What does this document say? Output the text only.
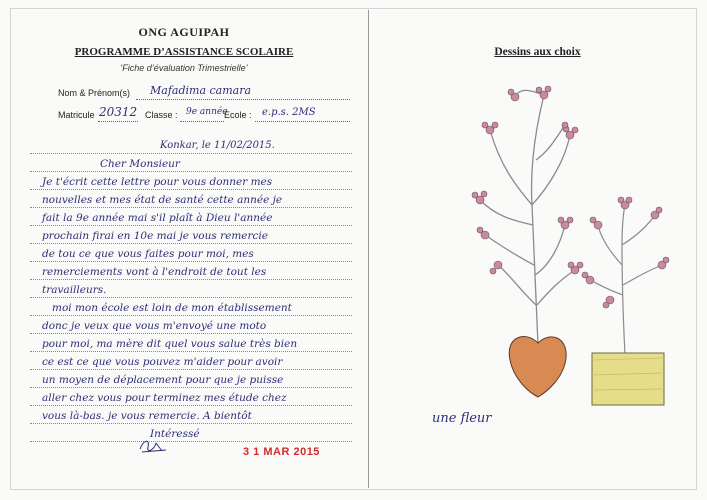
ONG AGUIPAH
PROGRAMME D’ASSISTANCE SCOLAIRE
‘Fiche d’évaluation Trimestrielle’
Nom & Prénom(s) Mafadima camara
Matricule 20312 Classe : 9e année
Ecole : e.p.s. 2MS
Konkar, le 11/02/2015.
Cher Monsieur
Je t'écrit cette lettre pour vous donner mes
nouvelles et mes état de santé cette année je
fait la 9e année mai s'il plaît à Dieu l'année
prochain firai en 10e mai je vous remercie
de tou ce que vous faites pour moi, mes
remerciements vont à l'endroit de tout les
travailleurs.
moi mon école est loin de mon établissement
donc je veux que vous m'envoyé une moto
pour moi, ma mère dit quel vous salue très bien
ce est ce que vous pouvez m'aider pour avoir
un moyen de déplacement pour que je puisse
aller chez vous pour terminez mes étude chez
vous là-bas. je vous remercie. A bientôt
Intéressé
3 1 MAR 2015
Dessins aux choix
une fleur
